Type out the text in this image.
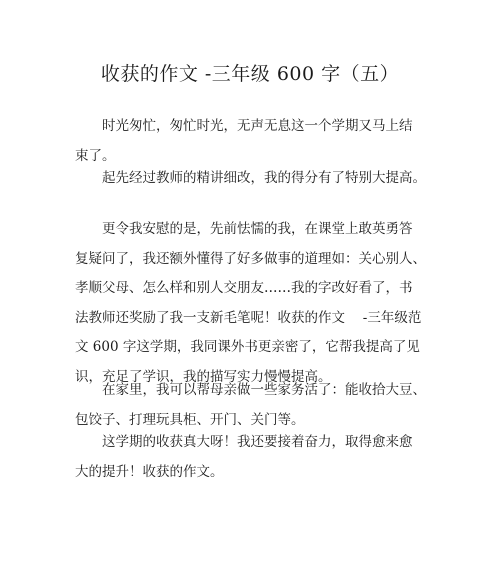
收获的作文 -三年级 600 字（五）
时光匆忙，匆忙时光，无声无息这一个学期又马上结
束了。
起先经过教师的精讲细改，我的得分有了特别大提高。
更令我安慰的是，先前怯懦的我，在课堂上敢英勇答
复疑问了，我还额外懂得了好多做事的道理如：关心别人、
孝顺父母、怎么样和别人交朋友……我的字改好看了，书
法教师还奖励了我一支新毛笔呢！收获的作文　 -三年级范
文 600 字这学期，我同课外书更亲密了，它帮我提高了见
识，充足了学识，我的描写实力慢慢提高。
在家里，我可以帮母亲做一些家务活了：能收拾大豆、
包饺子、打理玩具柜、开门、关门等。
这学期的收获真大呀！我还要接着奋力，取得愈来愈
大的提升！收获的作文。
